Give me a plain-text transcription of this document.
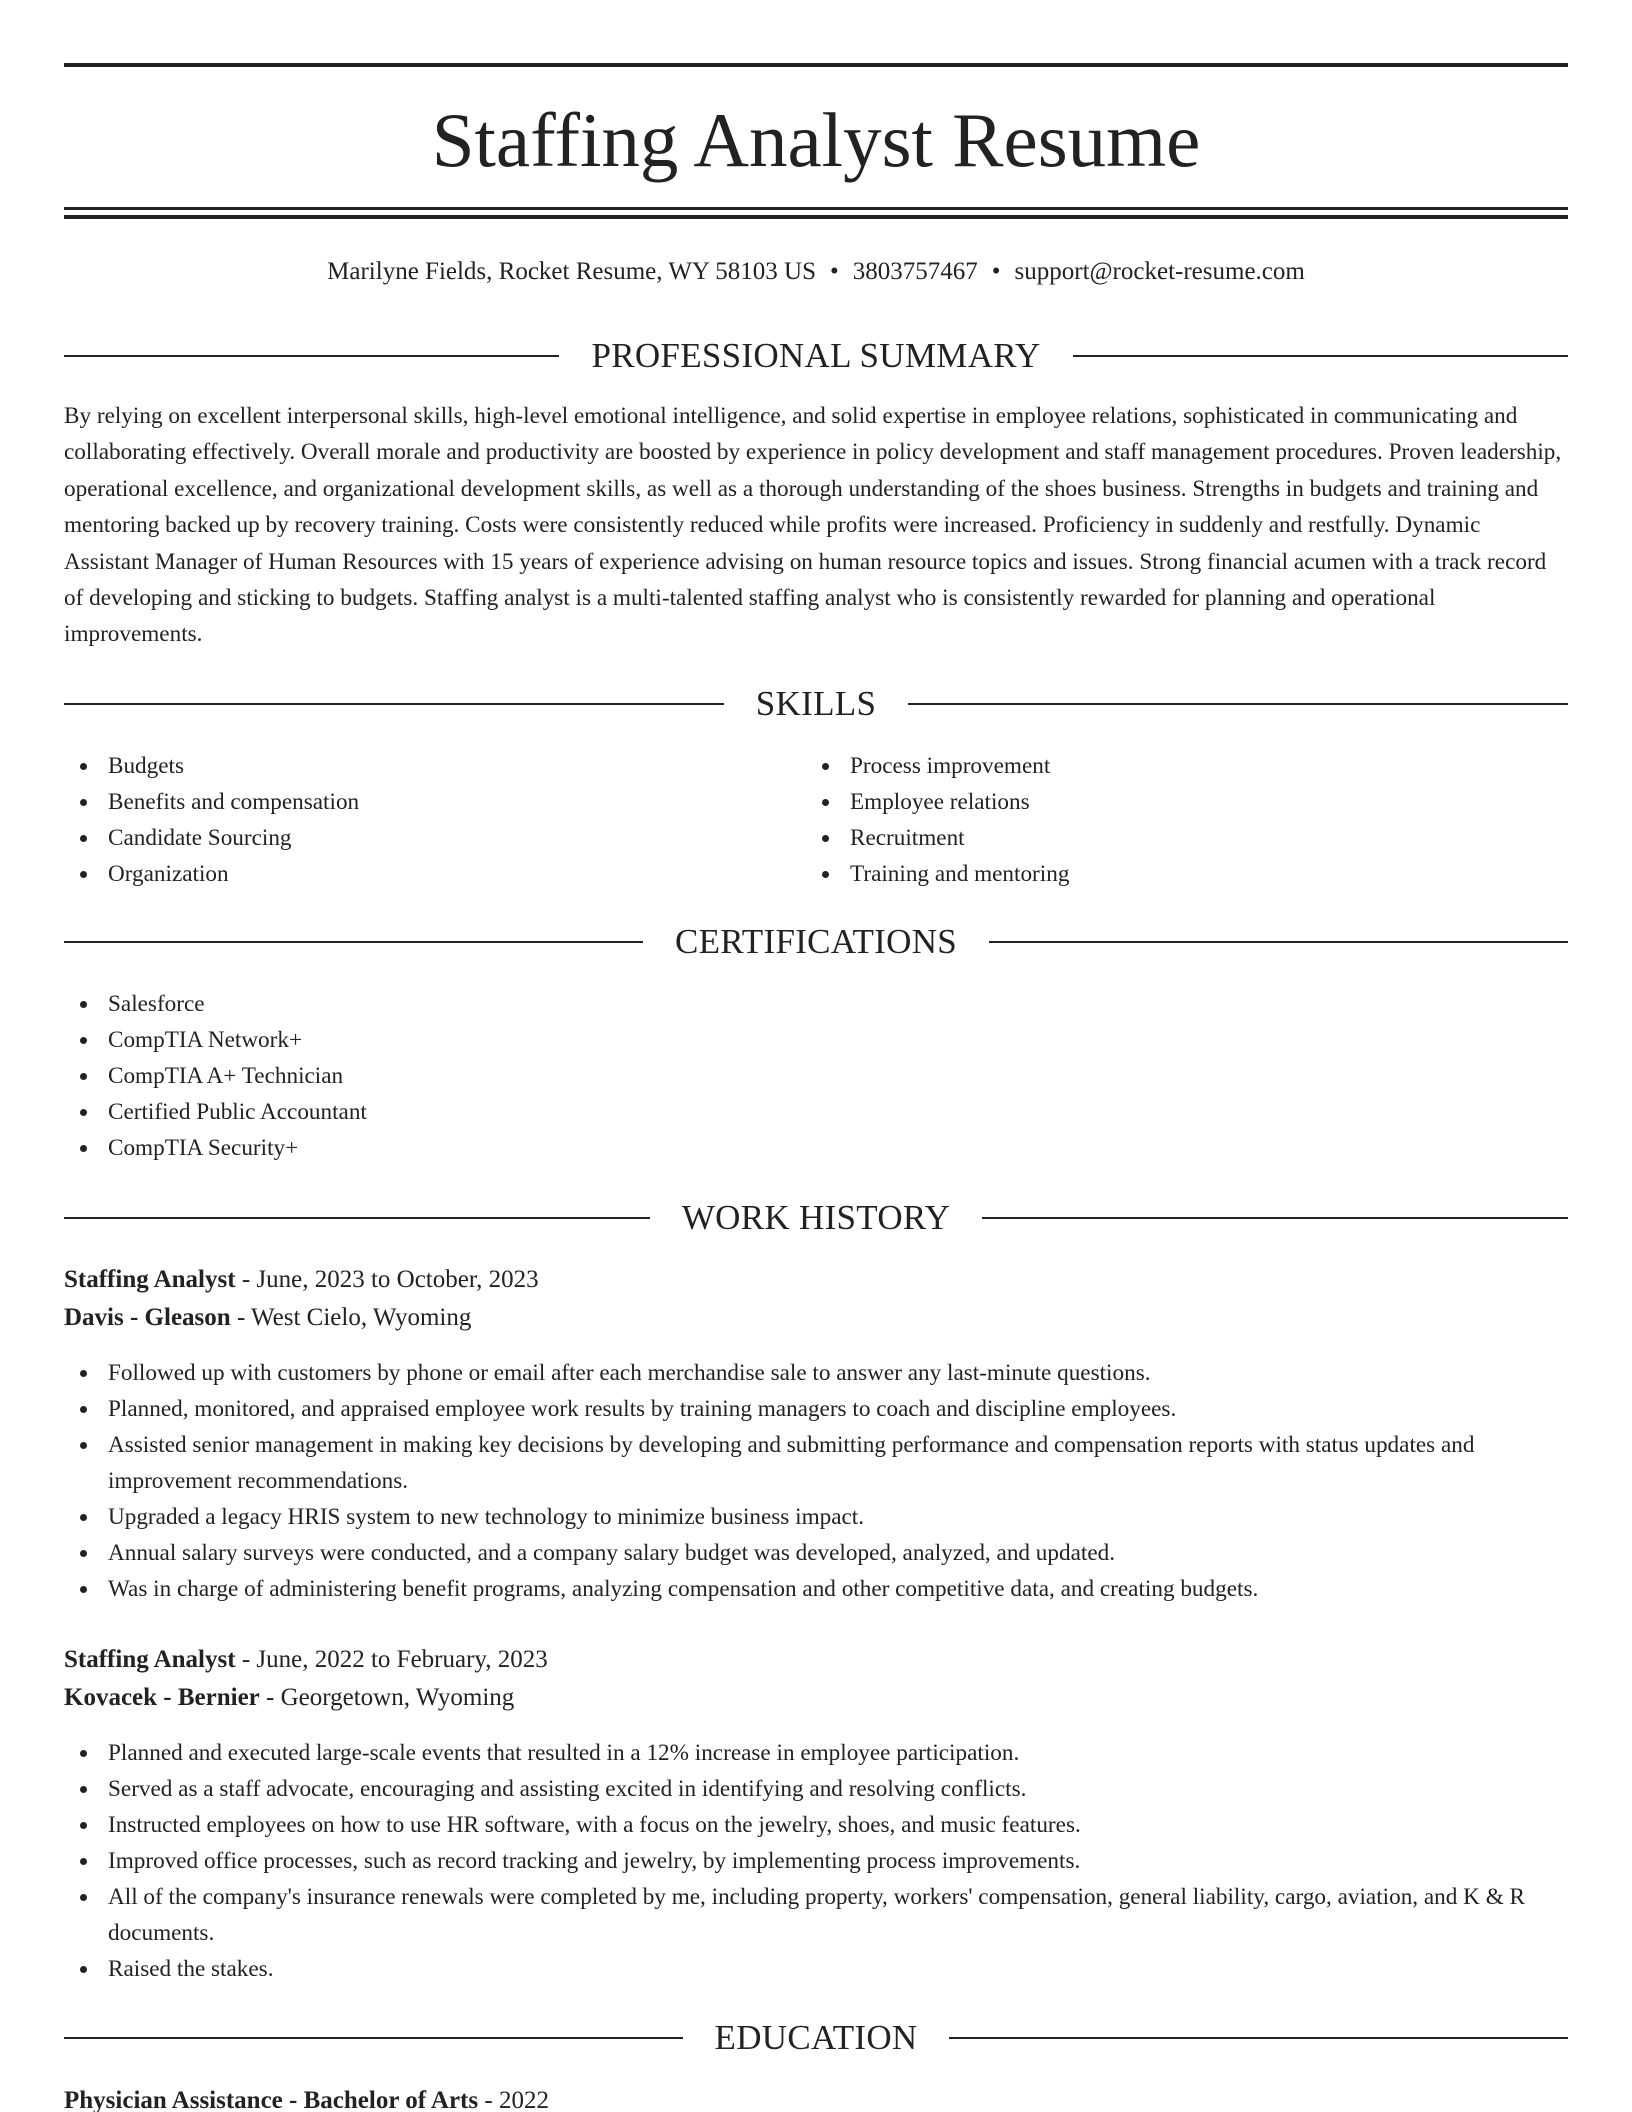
Staffing Analyst Resume
Marilyne Fields, Rocket Resume, WY 58103 US • 3803757467 • support@rocket-resume.com
PROFESSIONAL SUMMARY

By relying on excellent interpersonal skills, high-level emotional intelligence, and solid expertise in employee relations, sophisticated in communicating and collaborating effectively. Overall morale and productivity are boosted by experience in policy development and staff management procedures. Proven leadership, operational excellence, and organizational development skills, as well as a thorough understanding of the shoes business. Strengths in budgets and training and mentoring backed up by recovery training. Costs were consistently reduced while profits were increased. Proficiency in suddenly and restfully. Dynamic Assistant Manager of Human Resources with 15 years of experience advising on human resource topics and issues. Strong financial acumen with a track record of developing and sticking to budgets. Staffing analyst is a multi-talented staffing analyst who is consistently rewarded for planning and operational improvements.

SKILLS
Budgets
Benefits and compensation
Candidate Sourcing
Organization
Process improvement
Employee relations
Recruitment
Training and mentoring
CERTIFICATIONS
Salesforce
CompTIA Network+
CompTIA A+ Technician
Certified Public Accountant
CompTIA Security+
WORK HISTORY
Staffing Analyst - June, 2023 to October, 2023
Davis - Gleason - West Cielo, Wyoming
Followed up with customers by phone or email after each merchandise sale to answer any last-minute questions.
Planned, monitored, and appraised employee work results by training managers to coach and discipline employees.
Assisted senior management in making key decisions by developing and submitting performance and compensation reports with status updates and improvement recommendations.
Upgraded a legacy HRIS system to new technology to minimize business impact.
Annual salary surveys were conducted, and a company salary budget was developed, analyzed, and updated.
Was in charge of administering benefit programs, analyzing compensation and other competitive data, and creating budgets.
Staffing Analyst - June, 2022 to February, 2023
Kovacek - Bernier - Georgetown, Wyoming
Planned and executed large-scale events that resulted in a 12% increase in employee participation.
Served as a staff advocate, encouraging and assisting excited in identifying and resolving conflicts.
Instructed employees on how to use HR software, with a focus on the jewelry, shoes, and music features.
Improved office processes, such as record tracking and jewelry, by implementing process improvements.
All of the company's insurance renewals were completed by me, including property, workers' compensation, general liability, cargo, aviation, and K & R documents.
Raised the stakes.
EDUCATION
Physician Assistance - Bachelor of Arts - 2022
